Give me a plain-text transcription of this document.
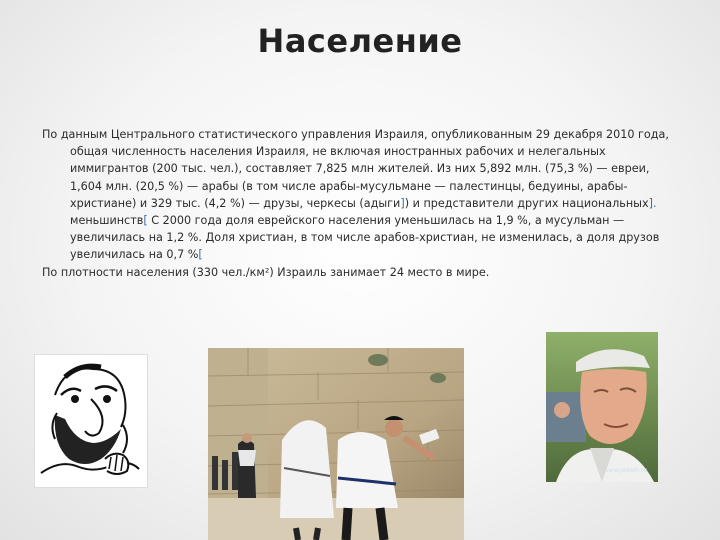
Население

По данным Центрального статистического управления Израиля, опубликованным 29 декабря 2010 года, общая численность населения Израиля, не включая иностранных рабочих и нелегальных иммигрантов (200 тыс. чел.), составляет 7,825 млн жителей. Из них 5,892 млн. (75,3 %) — евреи, 1,604 млн. (20,5 %) — арабы (в том числе арабы-мусульмане — палестинцы, бедуины, арабы-христиане) и 329 тыс. (4,2 %) — друзы, черкесы (адыги]) и представители других национальных]. меньшинств[ С 2000 года доля еврейского населения уменьшилась на 1,9 %, а мусульман — увеличилась на 1,2 %. Доля христиан, в том числе арабов-христиан, не изменилась, а доля друзов увеличилась на 0,7 %[

По плотности населения (330 чел./км²) Израиль занимает 24 место в мире.

www.jewish.ru
